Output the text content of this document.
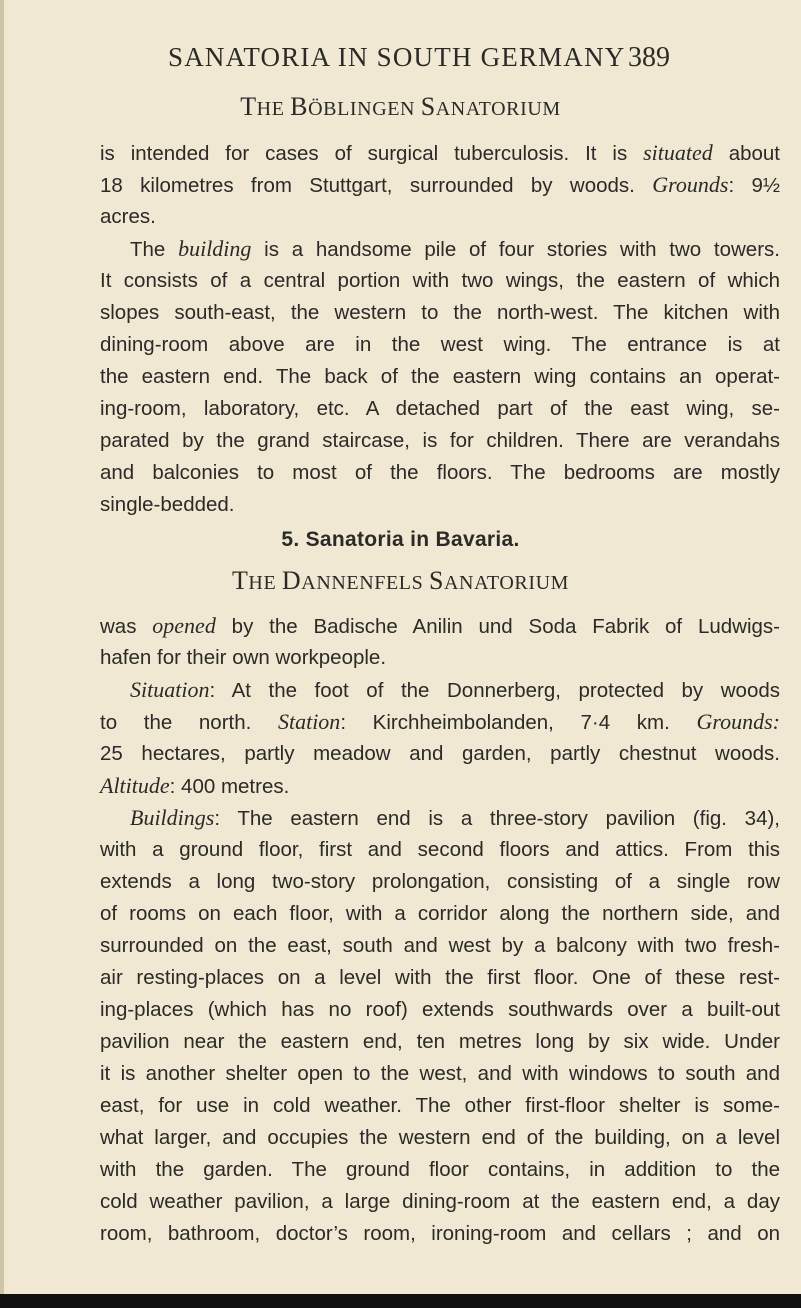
SANATORIA IN SOUTH GERMANY 389
THE BÖBLINGEN SANATORIUM
is intended for cases of surgical tuberculosis. It is situated about
18 kilometres from Stuttgart, surrounded by woods. Grounds: 9½
acres.
The building is a handsome pile of four stories with two towers.
It consists of a central portion with two wings, the eastern of which
slopes south-east, the western to the north-west. The kitchen with
dining-room above are in the west wing. The entrance is at
the eastern end. The back of the eastern wing contains an operat-
ing-room, laboratory, etc. A detached part of the east wing, se-
parated by the grand staircase, is for children. There are verandahs
and balconies to most of the floors. The bedrooms are mostly
single-bedded.
5. Sanatoria in Bavaria.
THE DANNENFELS SANATORIUM
was opened by the Badische Anilin und Soda Fabrik of Ludwigs-
hafen for their own workpeople.
Situation: At the foot of the Donnerberg, protected by woods
to the north. Station: Kirchheimbolanden, 7·4 km. Grounds:
25 hectares, partly meadow and garden, partly chestnut woods.
Altitude: 400 metres.
Buildings: The eastern end is a three-story pavilion (fig. 34),
with a ground floor, first and second floors and attics. From this
extends a long two-story prolongation, consisting of a single row
of rooms on each floor, with a corridor along the northern side, and
surrounded on the east, south and west by a balcony with two fresh-
air resting-places on a level with the first floor. One of these rest-
ing-places (which has no roof) extends southwards over a built-out
pavilion near the eastern end, ten metres long by six wide. Under
it is another shelter open to the west, and with windows to south and
east, for use in cold weather. The other first-floor shelter is some-
what larger, and occupies the western end of the building, on a level
with the garden. The ground floor contains, in addition to the
cold weather pavilion, a large dining-room at the eastern end, a day
room, bathroom, doctor’s room, ironing-room and cellars ; and on
